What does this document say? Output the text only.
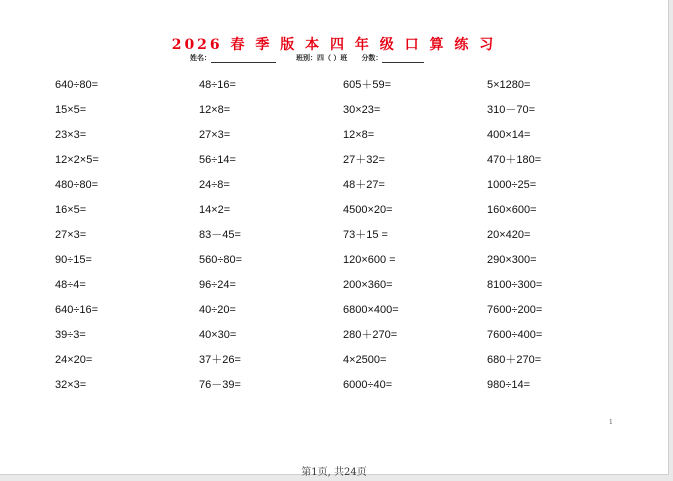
2026 春 季 版 本 四 年 级 口 算 练 习
姓名：	班别：四（ ）班 分数：
640÷80=	48÷16=	605＋59=	5×1280=
15×5=	12×8=	30×23=	310－70=
23×3=	27×3=	12×8=	400×14=
12×2×5=	56÷14=	27＋32=	470＋180=
480÷80=	24÷8=	48＋27=	1000÷25=
16×5=	14×2=	4500×20=	160×600=
27×3=	83－45=	73＋15 =	20×420=
90÷15=	560÷80=	120×600 =	290×300=
48÷4=	96÷24=	200×360=	8100÷300=
640÷16=	40÷20=	6800×400=	7600÷200=
39÷3=	40×30=	280＋270=	7600÷400=
24×20=	37＋26=	4×2500=	680＋270=
32×3=	76－39=	6000÷40=	980÷14=
1
第1页, 共24页
